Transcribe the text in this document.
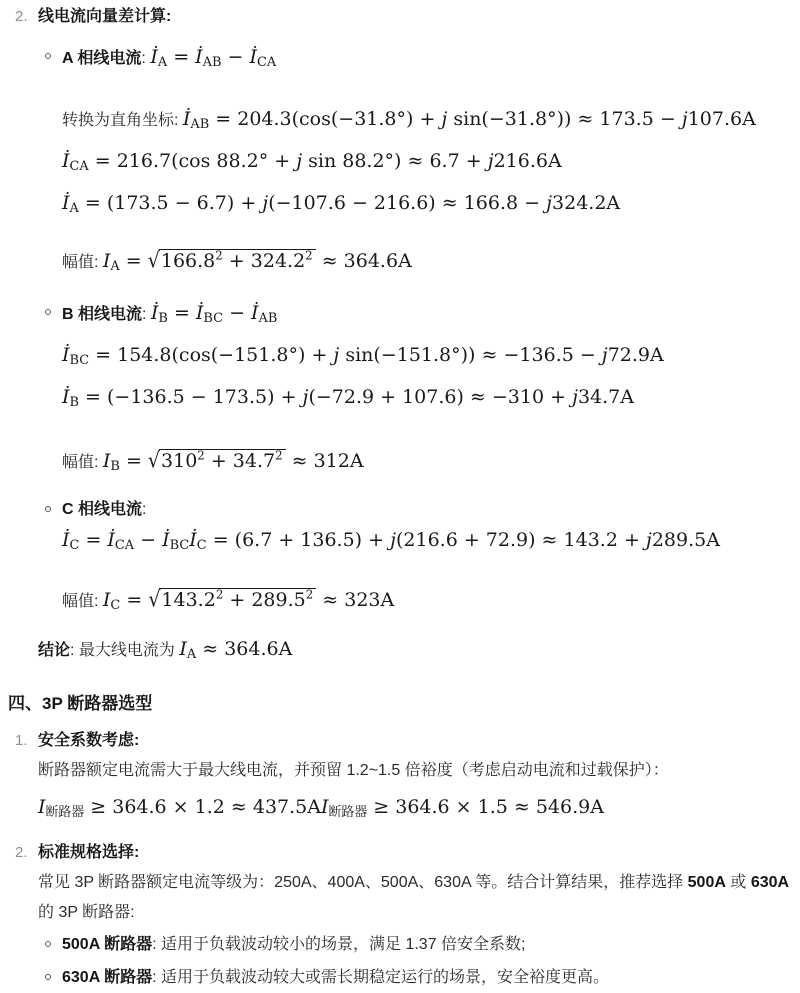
2. 线电流向量差计算:
A 相线电流: $İ_A$ = $İ_{AB}$ − $İ_{CA}$
转换为直角坐标: $İ_{AB} = 204.3(\cos(-31.8^\circ) + j$ sin(−31.8°)) ≈ 173.5 − j107.6A
$İ_{CA} = 216.7(\cos$ 88.2° + j sin 88.2°) ≈ 6.7 + j216.6A
$İ_A = (173.5 - 6.7) + j(-107.6 - 216.6) \approx 166.8 - j324.2A$
幅值: $I_A = √166.8^2 + 324.2^2 \approx 364.6A$
B 相线电流: $İ_B$ = $İ_{BC}$ − $İ_{AB}$
$İ_{BC} = 154.8(\cos(-151.8^\circ) + j$ sin(−151.8°)) ≈ −136.5 − j72.9A
$İ_B = (-136.5 - 173.5) + j(-72.9 + 107.6) \approx -310 + j34.7A$
幅值: $I_B = √310^2 + 34.7^2 \approx 312A$
C 相线电流: $İ_C$ = $İ_{CA}$ − $İ_{BC}İ_C = (6.7 + 136.5) + j(216.6 + 72.9) \approx 143.2 + j289.5A$
幅值: $I_C = √143.2^2 + 289.5^2 \approx 323A$
结论: 最大线电流为 $I_A \approx 364.6A$
四、3P 断路器选型
1. 安全系数考虑:
断路器额定电流需大于最大线电流，并预留 1.2~1.5 倍裕度（考虑启动电流和过载保护）：
$I_{断路器} \ge 364.6 \times 1.2 \approx 437.5AI_{断路器} \ge 364.6 \times 1.5 \approx 546.9A$
2. 标准规格选择:
常见 3P 断路器额定电流等级为：250A、400A、500A、630A 等。结合计算结果，推荐选择 500A 或 630A 的 3P 断路器:
500A 断路器: 适用于负载波动较小的场景，满足 1.37 倍安全系数;
630A 断路器: 适用于负载波动较大或需长期稳定运行的场景，安全裕度更高。
